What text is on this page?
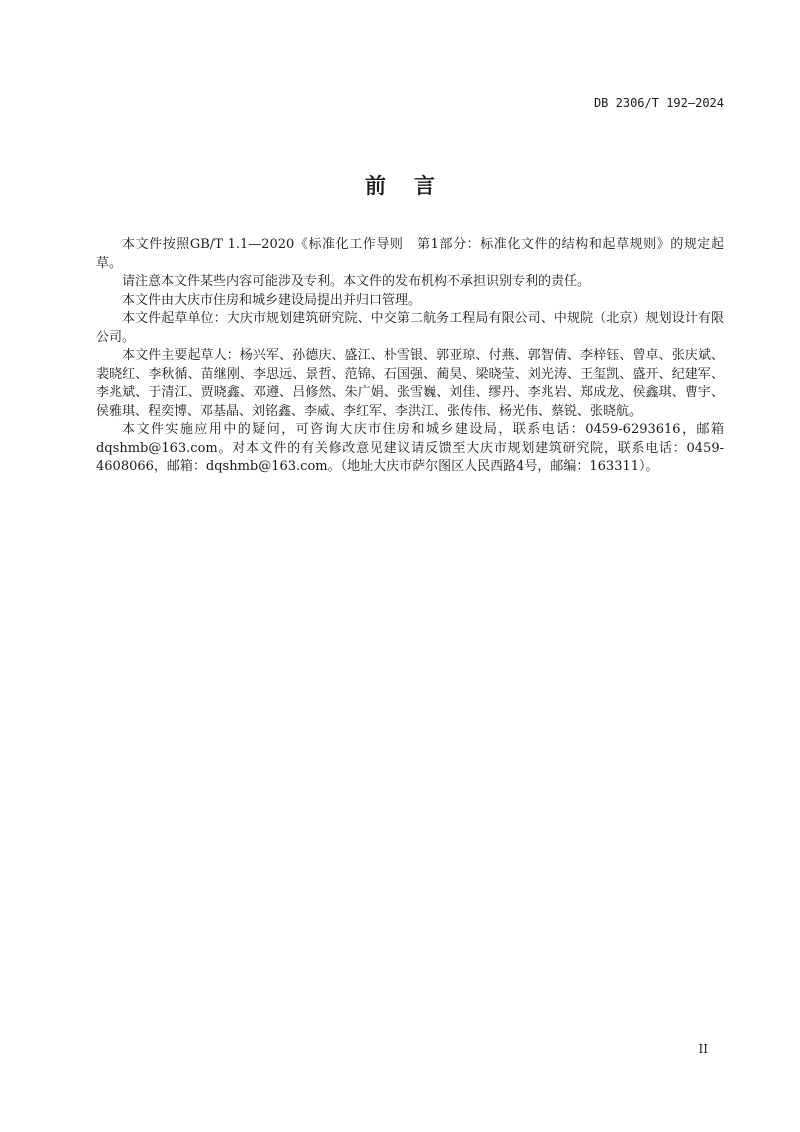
DB 2306/T 192—2024
前言

本文件按照GB/T 1.1—2020《标准化工作导则　第1部分：标准化文件的结构和起草规则》的规定起草。

请注意本文件某些内容可能涉及专利。本文件的发布机构不承担识别专利的责任。

本文件由大庆市住房和城乡建设局提出并归口管理。

本文件起草单位：大庆市规划建筑研究院、中交第二航务工程局有限公司、中规院（北京）规划设计有限公司。

本文件主要起草人：杨兴军、孙德庆、盛江、朴雪银、郭亚琼、付燕、郭智倩、李梓钰、曾卓、张庆斌、裴晓红、李秋循、苗继刚、李思远、景哲、范锦、石国强、蔺昊、梁晓莹、刘光涛、王玺凯、盛开、纪建军、李兆斌、于清江、贾晓鑫、邓遵、吕修然、朱广娟、张雪巍、刘佳、缪丹、李兆岩、郑成龙、侯鑫琪、曹宇、侯雅琪、程奕博、邓基晶、刘铭鑫、李威、李红军、李洪江、张传伟、杨光伟、蔡锐、张晓航。

本文件实施应用中的疑问，可咨询大庆市住房和城乡建设局，联系电话：0459-6293616，邮箱dqshmb@163.com。对本文件的有关修改意见建议请反馈至大庆市规划建筑研究院，联系电话：0459-4608066，邮箱：dqshmb@163.com。（地址大庆市萨尔图区人民西路4号，邮编：163311）。

II
